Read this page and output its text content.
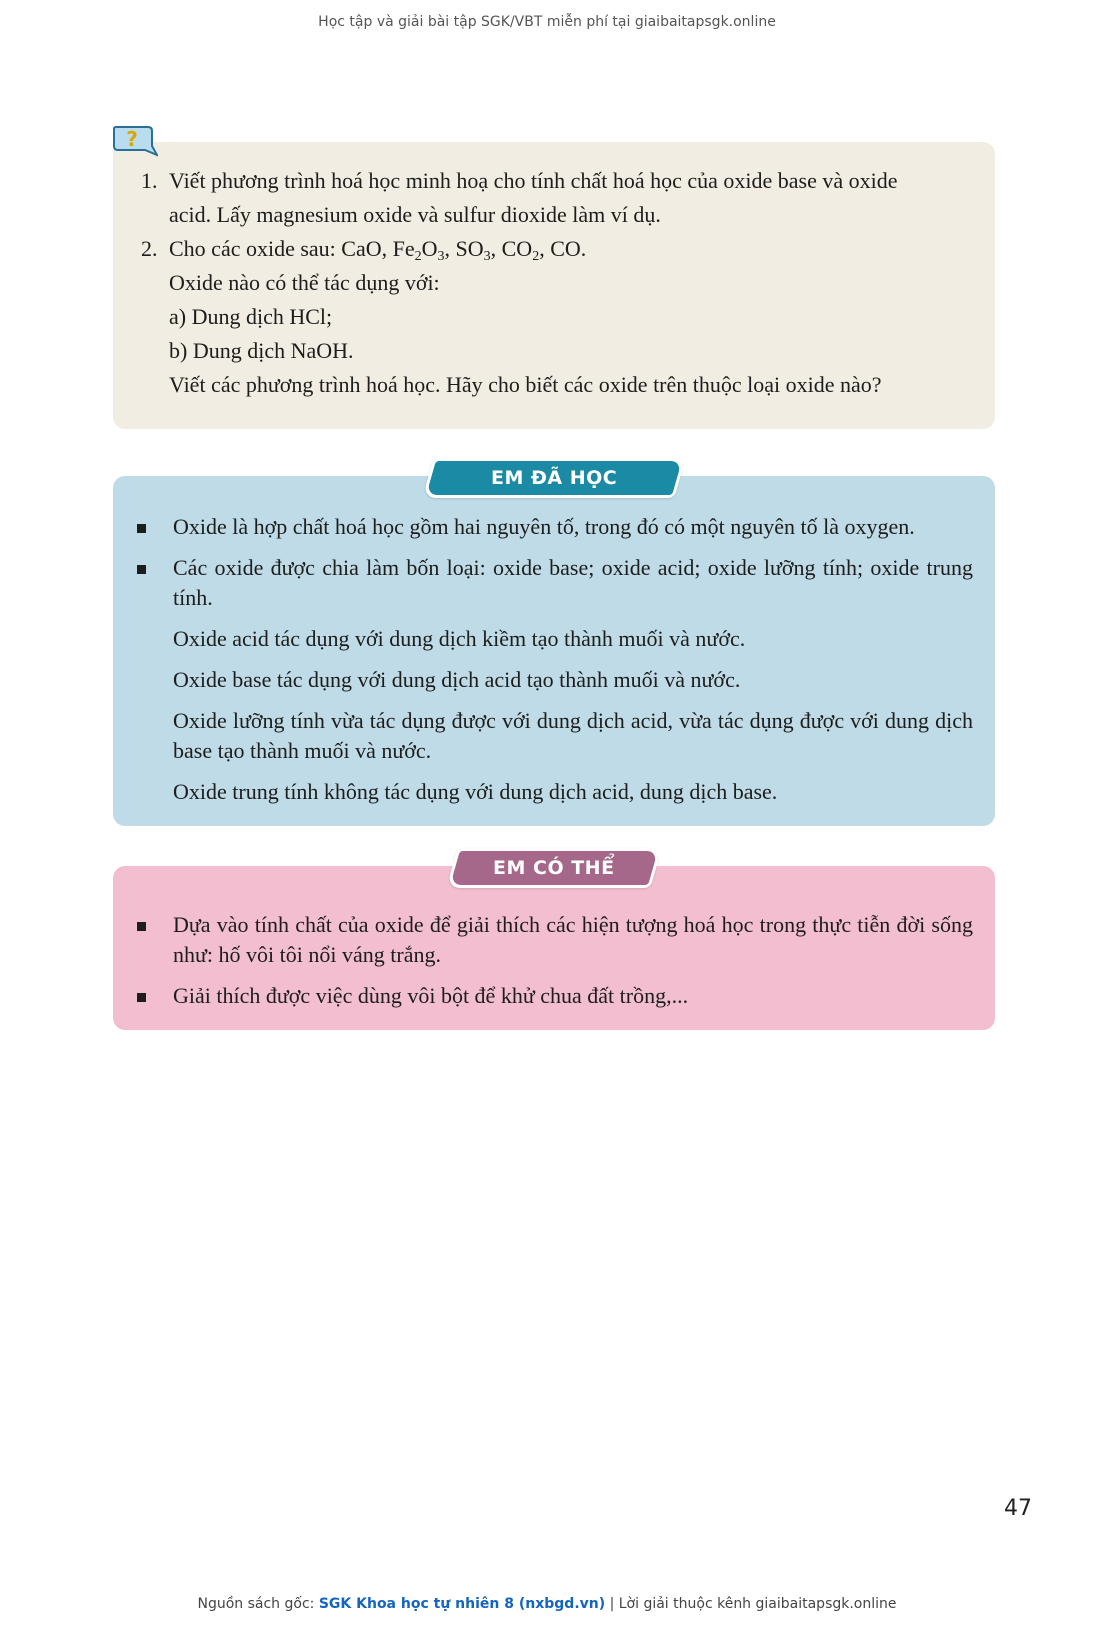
Học tập và giải bài tập SGK/VBT miễn phí tại giaibaitapsgk.online
1. Viết phương trình hoá học minh hoạ cho tính chất hoá học của oxide base và oxide
acid. Lấy magnesium oxide và sulfur dioxide làm ví dụ.
2. Cho các oxide sau: CaO, $Fe_2O_3$, $SO_3$, $CO_2$, CO.
Oxide nào có thể tác dụng với:
a) Dung dịch HCl;
b) Dung dịch NaOH.
Viết các phương trình hoá học. Hãy cho biết các oxide trên thuộc loại oxide nào?
?
Oxide là hợp chất hoá học gồm hai nguyên tố, trong đó có một nguyên tố là oxygen.
Các oxide được chia làm bốn loại: oxide base; oxide acid; oxide lưỡng tính; oxide trung tính.
Oxide acid tác dụng với dung dịch kiềm tạo thành muối và nước.
Oxide base tác dụng với dung dịch acid tạo thành muối và nước.
Oxide lưỡng tính vừa tác dụng được với dung dịch acid, vừa tác dụng được với dung dịch base tạo thành muối và nước.
Oxide trung tính không tác dụng với dung dịch acid, dung dịch base.
EM ĐÃ HỌC
Dựa vào tính chất của oxide để giải thích các hiện tượng hoá học trong thực tiễn đời sống như: hố vôi tôi nổi váng trắng.
Giải thích được việc dùng vôi bột để khử chua đất trồng,...
EM CÓ THỂ
47
Nguồn sách gốc: SGK Khoa học tự nhiên 8 (nxbgd.vn) | Lời giải thuộc kênh giaibaitapsgk.online
